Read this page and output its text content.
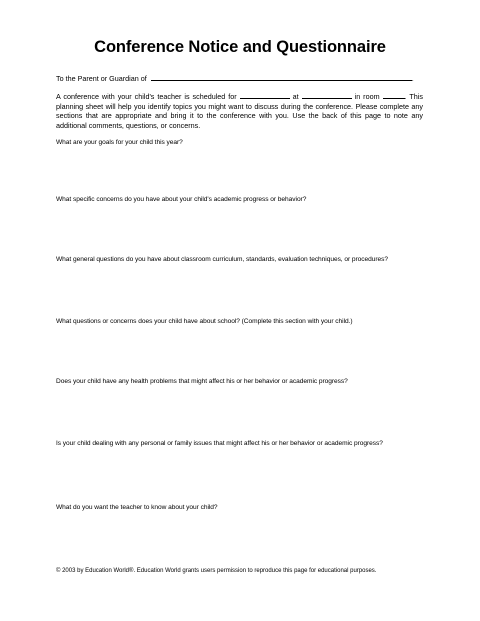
Conference Notice and Questionnaire
To the Parent or Guardian of	.
A conference with your child's teacher is scheduled for	at	in room	. This planning sheet will help you identify topics you might want to discuss during the conference. Please complete any sections that are appropriate and bring it to the conference with you. Use the back of this page to note any additional comments, questions, or concerns.
What are your goals for your child this year?
What specific concerns do you have about your child's academic progress or behavior?
What general questions do you have about classroom curriculum, standards, evaluation techniques, or procedures?
What questions or concerns does your child have about school? (Complete this section with your child.)
Does your child have any health problems that might affect his or her behavior or academic progress?
Is your child dealing with any personal or family issues that might affect his or her behavior or academic progress?
What do you want the teacher to know about your child?
© 2003 by Education World®. Education World grants users permission to reproduce this page for educational purposes.
